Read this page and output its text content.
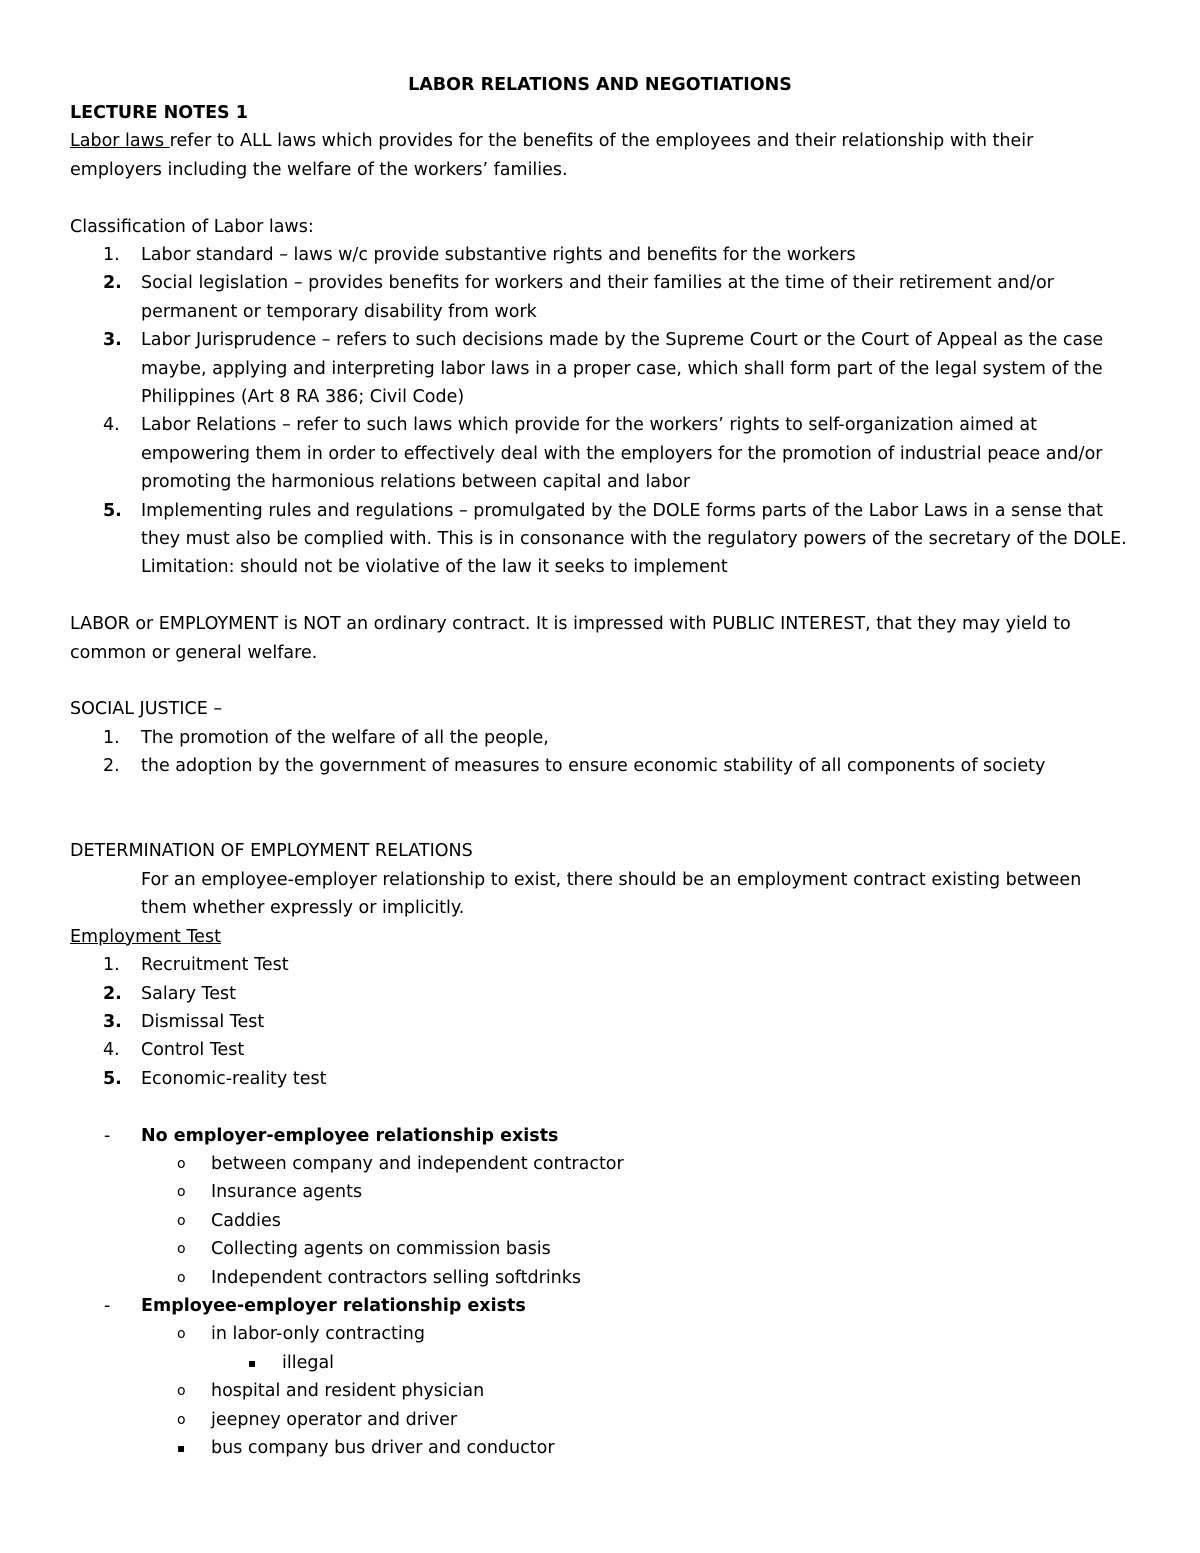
LABOR RELATIONS AND NEGOTIATIONS

LECTURE NOTES 1

Labor laws refer to ALL laws which provides for the benefits of the employees and their relationship with their employers including the welfare of the workers’ families.

Classification of Labor laws:

1.	Labor standard – laws w/c provide substantive rights and benefits for the workers
2.	Social legislation – provides benefits for workers and their families at the time of their retirement and/or permanent or temporary disability from work
3.	Labor Jurisprudence – refers to such decisions made by the Supreme Court or the Court of Appeal as the case maybe, applying and interpreting labor laws in a proper case, which shall form part of the legal system of the Philippines (Art 8 RA 386; Civil Code)
4.	Labor Relations – refer to such laws which provide for the workers’ rights to self-organization aimed at empowering them in order to effectively deal with the employers for the promotion of industrial peace and/or promoting the harmonious relations between capital and labor
5.	Implementing rules and regulations – promulgated by the DOLE forms parts of the Labor Laws in a sense that they must also be complied with. This is in consonance with the regulatory powers of the secretary of the DOLE. Limitation: should not be violative of the law it seeks to implement

LABOR or EMPLOYMENT is NOT an ordinary contract. It is impressed with PUBLIC INTEREST, that they may yield to common or general welfare.

SOCIAL JUSTICE –

1.	The promotion of the welfare of all the people,
2.	the adoption by the government of measures to ensure economic stability of all components of society

DETERMINATION OF EMPLOYMENT RELATIONS

For an employee-employer relationship to exist, there should be an employment contract existing between them whether expressly or implicitly.

Employment Test

1.	Recruitment Test
2.	Salary Test
3.	Dismissal Test
4.	Control Test
5.	Economic-reality test
-	No employer-employee relationship exists
o	between company and independent contractor
o	Insurance agents
o	Caddies
o	Collecting agents on commission basis
o	Independent contractors selling softdrinks
-	Employee-employer relationship exists
o	in labor-only contracting
▪	illegal
o	hospital and resident physician
o	jeepney operator and driver
▪	bus company bus driver and conductor
